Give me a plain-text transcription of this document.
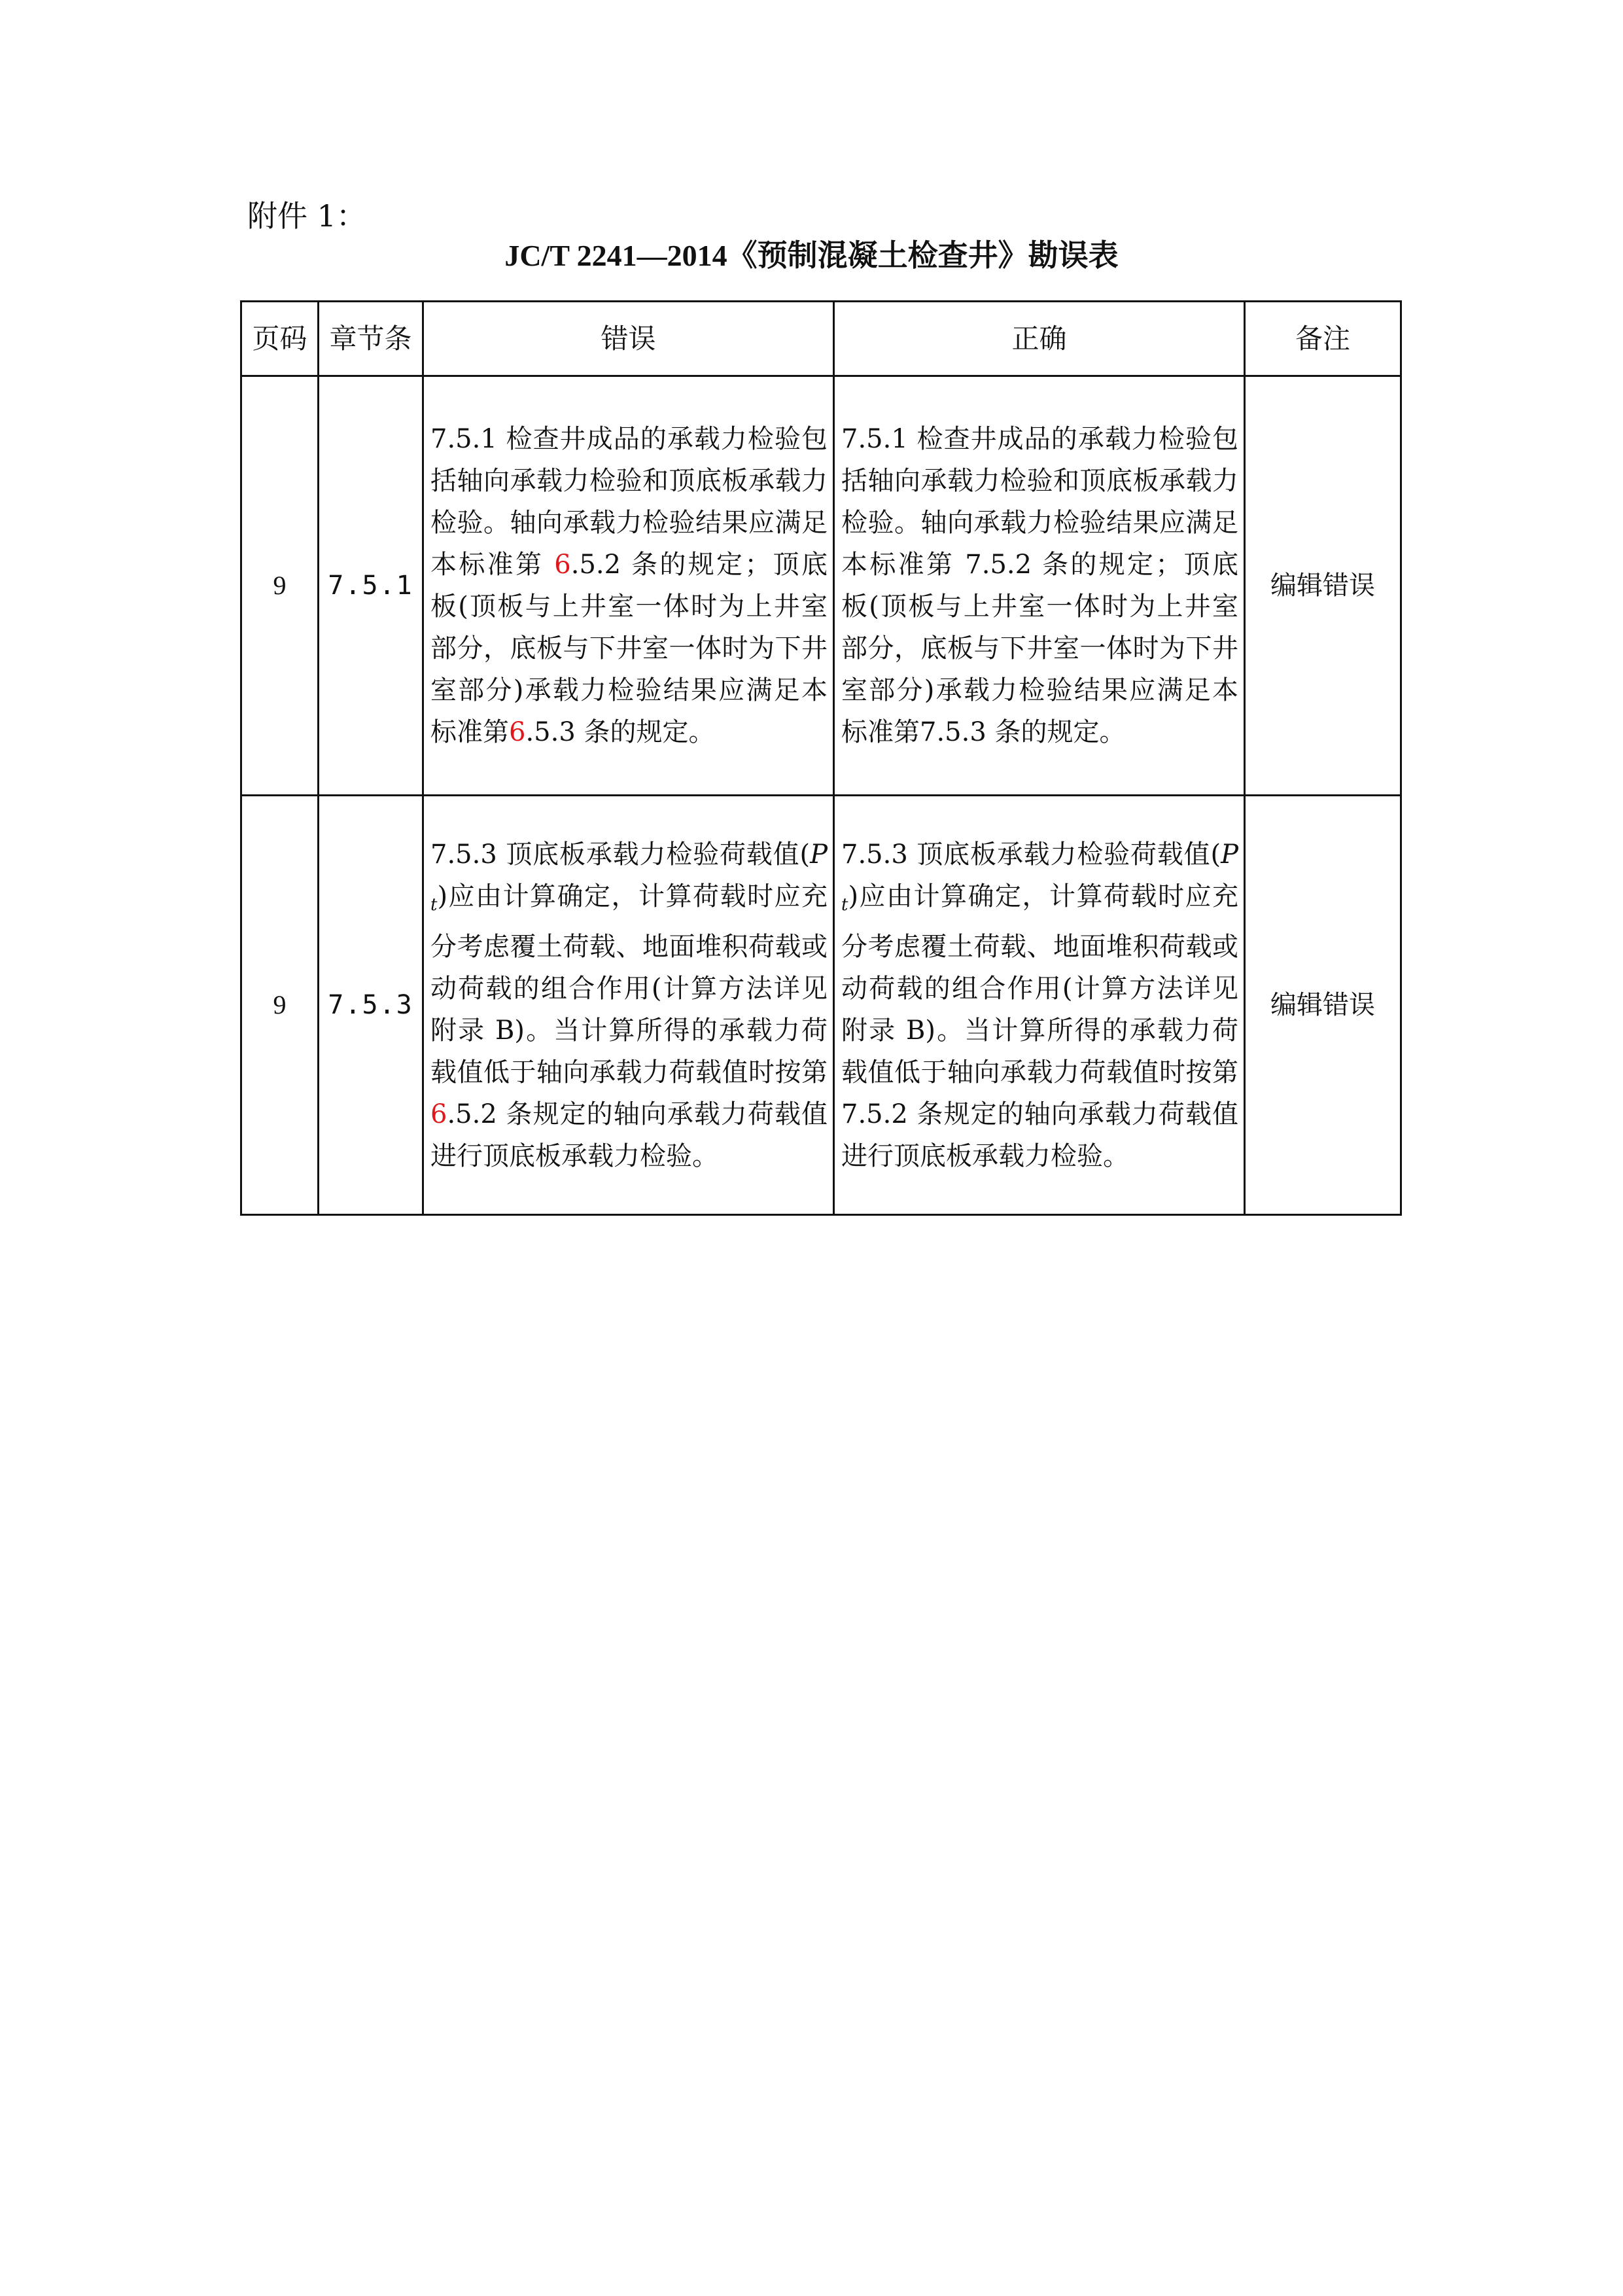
附件 1：
JC/T 2241—2014《预制混凝土检查井》勘误表
页码	章节条	错误	正确	备注
9	7.5.1	7.5.1 检查井成品的承载力检验包括轴向承载力检验和顶底板承载力检验。轴向承载力检验结果应满足本标准第 6.5.2 条的规定；顶底板(顶板与上井室一体时为上井室部分，底板与下井室一体时为下井室部分)承载力检验结果应满足本标准第6.5.3 条的规定。	7.5.1 检查井成品的承载力检验包括轴向承载力检验和顶底板承载力检验。轴向承载力检验结果应满足本标准第 7.5.2 条的规定；顶底板(顶板与上井室一体时为上井室部分，底板与下井室一体时为下井室部分)承载力检验结果应满足本标准第7.5.3 条的规定。	编辑错误
9	7.5.3	7.5.3 顶底板承载力检验荷载值$(P_t)$应由计算确定，计算荷载时应充分考虑覆土荷载、地面堆积荷载或动荷载的组合作用(计算方法详见附录 B)。当计算所得的承载力荷载值低于轴向承载力荷载值时按第 6.5.2 条规定的轴向承载力荷载值进行顶底板承载力检验。	7.5.3 顶底板承载力检验荷载值$(P_t)$应由计算确定，计算荷载时应充分考虑覆土荷载、地面堆积荷载或动荷载的组合作用(计算方法详见附录 B)。当计算所得的承载力荷载值低于轴向承载力荷载值时按第 7.5.2 条规定的轴向承载力荷载值进行顶底板承载力检验。	编辑错误
